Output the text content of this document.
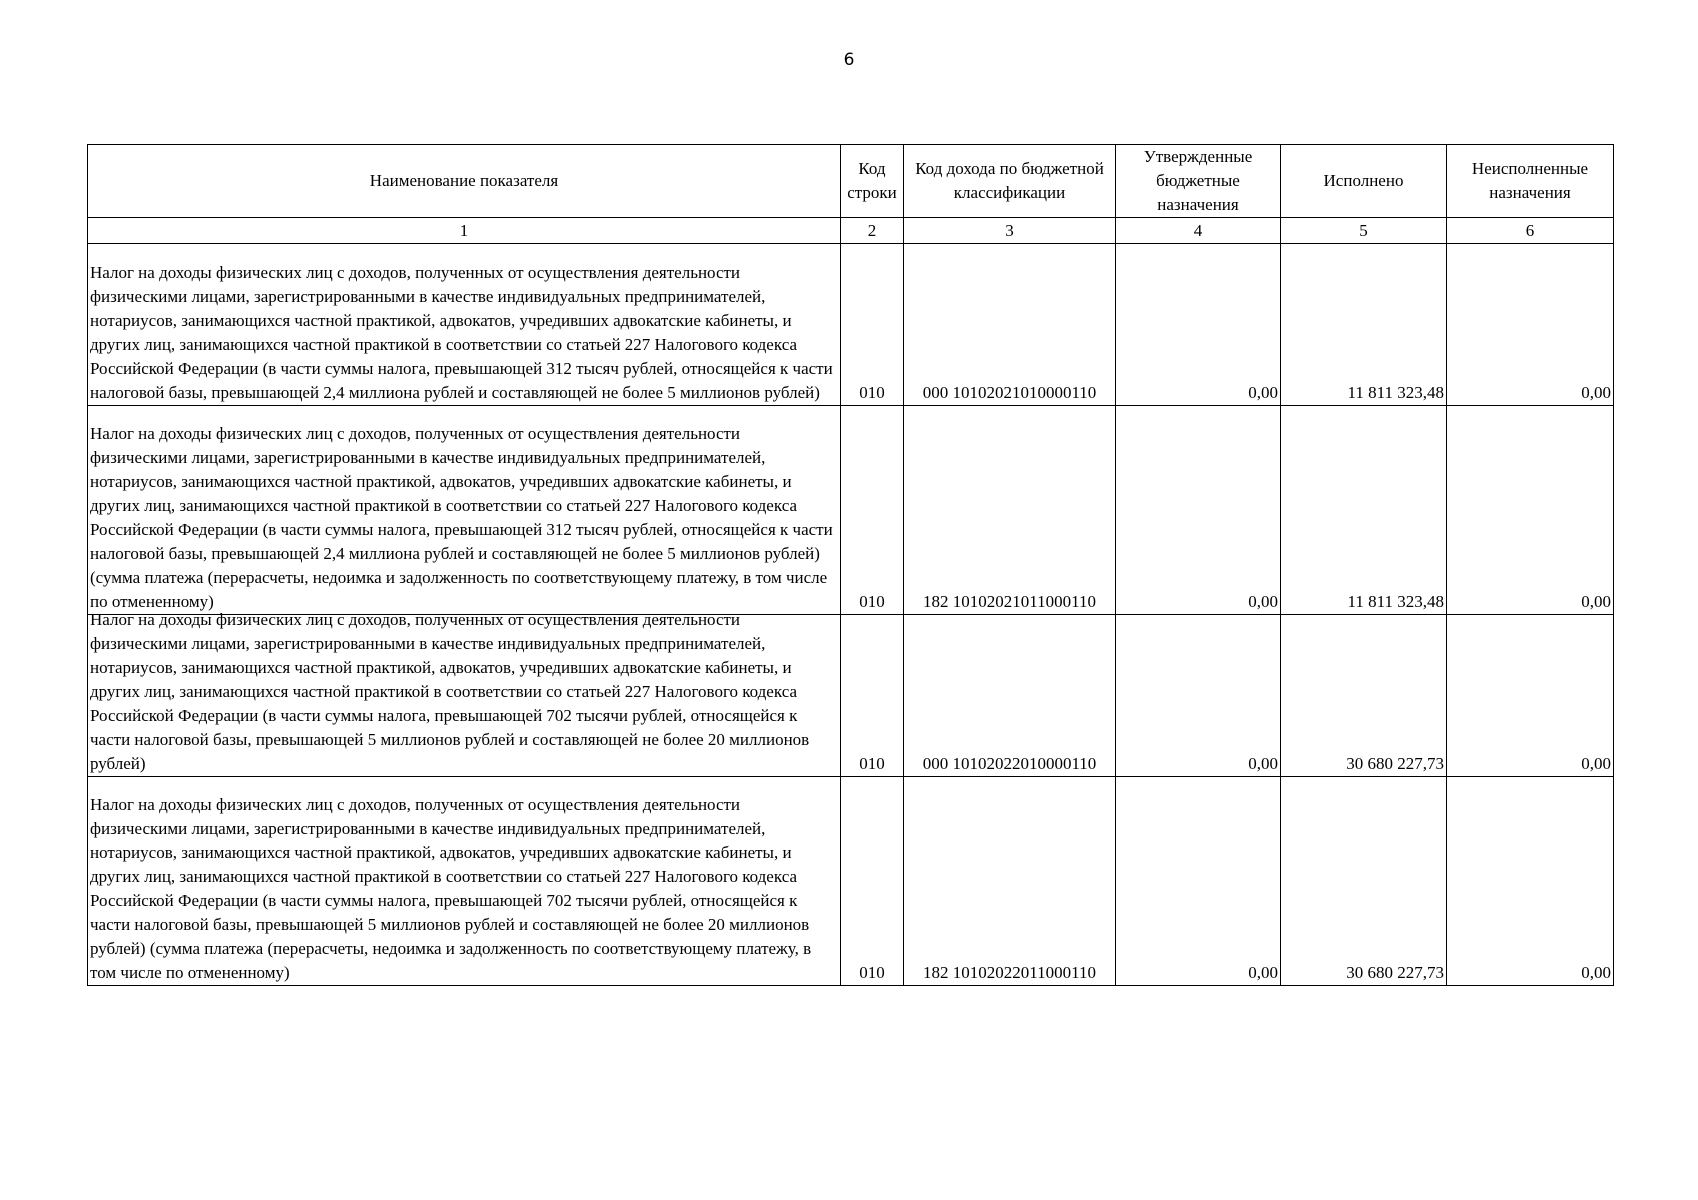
6
Наименование показателя	Код строки	Код дохода по бюджетной классификации	Утвержденные бюджетные назначения	Исполнено	Неисполненные назначения
1	2	3	4	5	6

Налог на доходы физических лиц с доходов, полученных от осуществления деятельности физическими лицами, зарегистрированными в качестве индивидуальных предпринимателей, нотариусов, занимающихся частной практикой, адвокатов, учредивших адвокатские кабинеты, и других лиц, занимающихся частной практикой в соответствии со статьей 227 Налогового кодекса Российской Федерации (в части суммы налога, превышающей 312 тысяч рублей, относящейся к части налоговой базы, превышающей 2,4 миллиона рублей и составляющей не более 5 миллионов рублей)	010	000 10102021010000110	0,00	11 811 323,48	0,00

Налог на доходы физических лиц с доходов, полученных от осуществления деятельности физическими лицами, зарегистрированными в качестве индивидуальных предпринимателей, нотариусов, занимающихся частной практикой, адвокатов, учредивших адвокатские кабинеты, и других лиц, занимающихся частной практикой в соответствии со статьей 227 Налогового кодекса Российской Федерации (в части суммы налога, превышающей 312 тысяч рублей, относящейся к части налоговой базы, превышающей 2,4 миллиона рублей и составляющей не более 5 миллионов рублей) (сумма платежа (перерасчеты, недоимка и задолженность по соответствующему платежу, в том числе по отмененному)	010	182 10102021011000110	0,00	11 811 323,48	0,00

Налог на доходы физических лиц с доходов, полученных от осуществления деятельности физическими лицами, зарегистрированными в качестве индивидуальных предпринимателей, нотариусов, занимающихся частной практикой, адвокатов, учредивших адвокатские кабинеты, и других лиц, занимающихся частной практикой в соответствии со статьей 227 Налогового кодекса Российской Федерации (в части суммы налога, превышающей 702 тысячи рублей, относящейся к части налоговой базы, превышающей 5 миллионов рублей и составляющей не более 20 миллионов рублей)	010	000 10102022010000110	0,00	30 680 227,73	0,00

Налог на доходы физических лиц с доходов, полученных от осуществления деятельности физическими лицами, зарегистрированными в качестве индивидуальных предпринимателей, нотариусов, занимающихся частной практикой, адвокатов, учредивших адвокатские кабинеты, и других лиц, занимающихся частной практикой в соответствии со статьей 227 Налогового кодекса Российской Федерации (в части суммы налога, превышающей 702 тысячи рублей, относящейся к части налоговой базы, превышающей 5 миллионов рублей и составляющей не более 20 миллионов рублей) (сумма платежа (перерасчеты, недоимка и задолженность по соответствующему платежу, в том числе по отмененному)	010	182 10102022011000110	0,00	30 680 227,73	0,00
